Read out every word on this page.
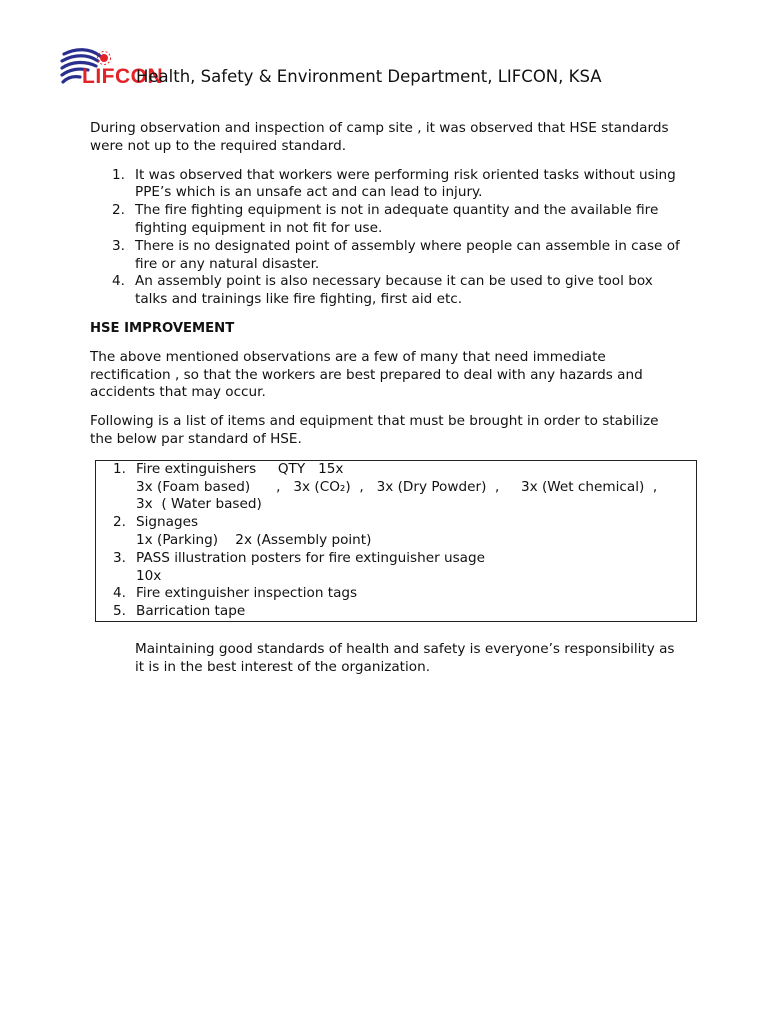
LIFCON
Health, Safety & Environment Department, LIFCON, KSA

During observation and inspection of camp site , it was observed that HSE standards were not up to the required standard.

1. It was observed that workers were performing risk oriented tasks without using PPE’s which is an unsafe act and can lead to injury.
2. The fire fighting equipment is not in adequate quantity and the available fire fighting equipment in not fit for use.
3. There is no designated point of assembly where people can assemble in case of fire or any natural disaster.
4. An assembly point is also necessary because it can be used to give tool box talks and trainings like fire fighting, first aid etc.
HSE IMPROVEMENT

The above mentioned observations are a few of many that need immediate rectification , so that the workers are best prepared to deal with any hazards and accidents that may occur.

Following is a list of items and equipment that must be brought in order to stabilize the below par standard of HSE.

1. Fire extinguishers     QTY   15x
3x (Foam based)      ,   3x (CO₂)  ,   3x (Dry Powder)  ,     3x (Wet chemical)  ,
3x  ( Water based)
2. Signages
1x (Parking)    2x (Assembly point)
3. PASS illustration posters for fire extinguisher usage
10x
4. Fire extinguisher inspection tags
5. Barrication tape

Maintaining good standards of health and safety is everyone’s responsibility as it is in the best interest of the organization.
